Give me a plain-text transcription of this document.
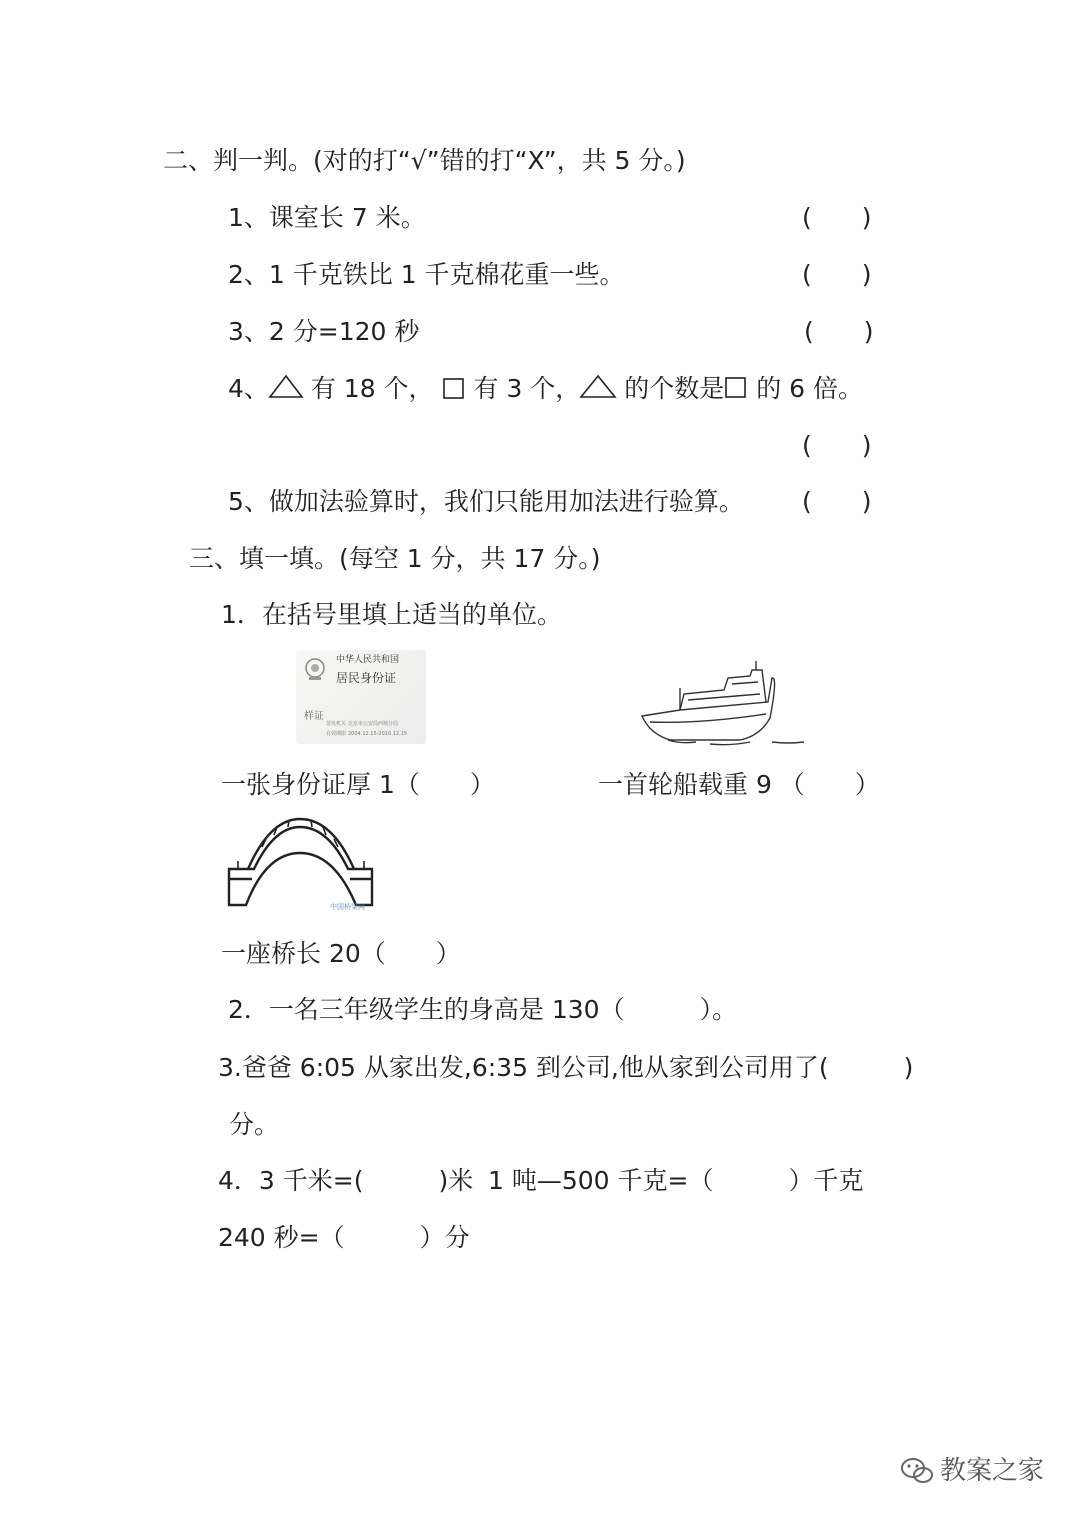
二、判一判。(对的打“√”错的打“X”，共 5 分。)
1、课室长 7 米。	(　　)
2、1 千克铁比 1 千克棉花重一些。	(　　)
3、2 分=120 秒	(　　)
4、 有 18 个， 有 3 个， 的个数是 的 6 倍。
(　　)
5、做加法验算时，我们只能用加法进行验算。 (　　)
三、填一填。(每空 1 分，共 17 分。)
1．在括号里填上适当的单位。
中华人民共和国
居民身份证
样证
签发机关 北京市公安局西城分局
有效期限 2004.12.15-2010.12.15
一张身份证厚 1（　　）	一首轮船载重 9 （　　）
中国桥梁网
一座桥长 20（　　）
2．一名三年级学生的身高是 130（　　　）。
3.爸爸 6:05 从家出发,6:35 到公司,他从家到公司用了(　　　)
分。
4．3 千米=(　　　)米 1 吨—500 千克=（　　　）千克
240 秒=（　　　）分
教案之家
